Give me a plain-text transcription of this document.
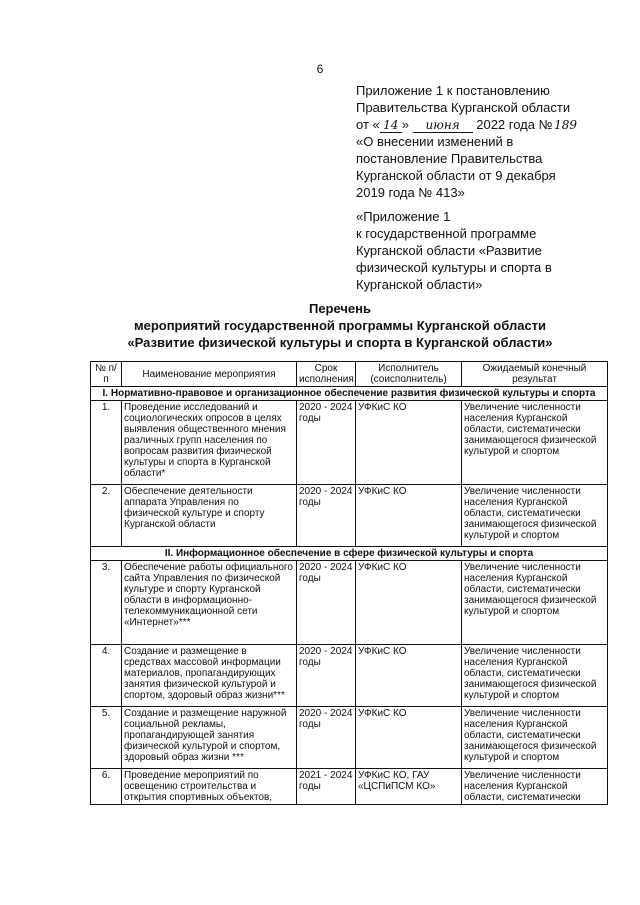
6
Приложение 1 к постановлению
Правительства Курганской области
от « 14 » июня 2022 года № 189
«О внесении изменений в
постановление Правительства
Курганской области от 9 декабря
2019 года № 413»
«Приложение 1
к государственной программе
Курганской области «Развитие
физической культуры и спорта в
Курганской области»
Перечень
мероприятий государственной программы Курганской области
«Развитие физической культуры и спорта в Курганской области»
№ п/п	Наименование мероприятия	Срок исполнения	Исполнитель (соисполнитель)	Ожидаемый конечный результат
I. Нормативно-правовое и организационное обеспечение развития физической культуры и спорта				
1.	Проведение исследований и социологических опросов в целях выявления общественного мнения различных групп населения по вопросам развития физической культуры и спорта в Курганской области*	2020 - 2024 годы	УФКиС КО	Увеличение численности населения Курганской области, систематически занимающегося физической культурой и спортом
2.	Обеспечение деятельности аппарата Управления по физической культуре и спорту Курганской области	2020 - 2024 годы	УФКиС КО	Увеличение численности населения Курганской области, систематически занимающегося физической культурой и спортом
II. Информационное обеспечение в сфере физической культуры и спорта				
3.	Обеспечение работы официального сайта Управления по физической культуре и спорту Курганской области в информационно-телекоммуникационной сети «Интернет»***	2020 - 2024 годы	УФКиС КО	Увеличение численности населения Курганской области, систематически занимающегося физической культурой и спортом
4.	Создание и размещение в средствах массовой информации материалов, пропагандирующих занятия физической культурой и спортом, здоровый образ жизни***	2020 - 2024 годы	УФКиС КО	Увеличение численности населения Курганской области, систематически занимающегося физической культурой и спортом
5.	Создание и размещение наружной социальной рекламы, пропагандирующей занятия физической культурой и спортом, здоровый образ жизни ***	2020 - 2024 годы	УФКиС КО	Увеличение численности населения Курганской области, систематически занимающегося физической культурой и спортом
6.	Проведение мероприятий по освещению строительства и открытия спортивных объектов,	2021 - 2024 годы	УФКиС КО, ГАУ «ЦСПиПСМ КО»	Увеличение численности населения Курганской области, систематически
